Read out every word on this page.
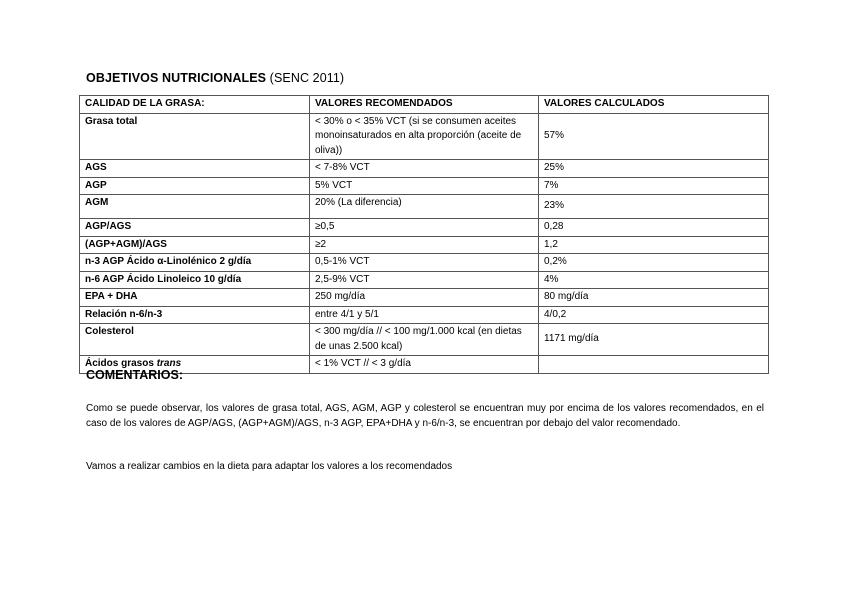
OBJETIVOS NUTRICIONALES (SENC 2011)
CALIDAD DE LA GRASA:	VALORES RECOMENDADOS	VALORES CALCULADOS
Grasa total	< 30% o < 35% VCT (si se consumen aceites monoinsaturados en alta proporción (aceite de oliva))	57%
AGS	< 7-8% VCT	25%
AGP	5% VCT	7%
AGM	20% (La diferencia)	23%
AGP/AGS	≥0,5	0,28
(AGP+AGM)/AGS	≥2	1,2
n-3 AGP Ácido α-Linolénico 2 g/día	0,5-1% VCT	0,2%
n-6 AGP Ácido Linoleico 10 g/día	2,5-9% VCT	4%
EPA + DHA	250 mg/día	80 mg/día
Relación n-6/n-3	entre 4/1 y 5/1	4/0,2
Colesterol	< 300 mg/día // < 100 mg/1.000 kcal (en dietas de unas 2.500 kcal)	1171 mg/día
Ácidos grasos trans	< 1% VCT // < 3 g/día	
COMENTARIOS:
Como se puede observar, los valores de grasa total, AGS, AGM, AGP y colesterol se encuentran muy por encima de los valores recomendados, en el caso de los valores de AGP/AGS, (AGP+AGM)/AGS, n-3 AGP, EPA+DHA y n-6/n-3, se encuentran por debajo del valor recomendado.
Vamos a realizar cambios en la dieta para adaptar los valores a los recomendados
